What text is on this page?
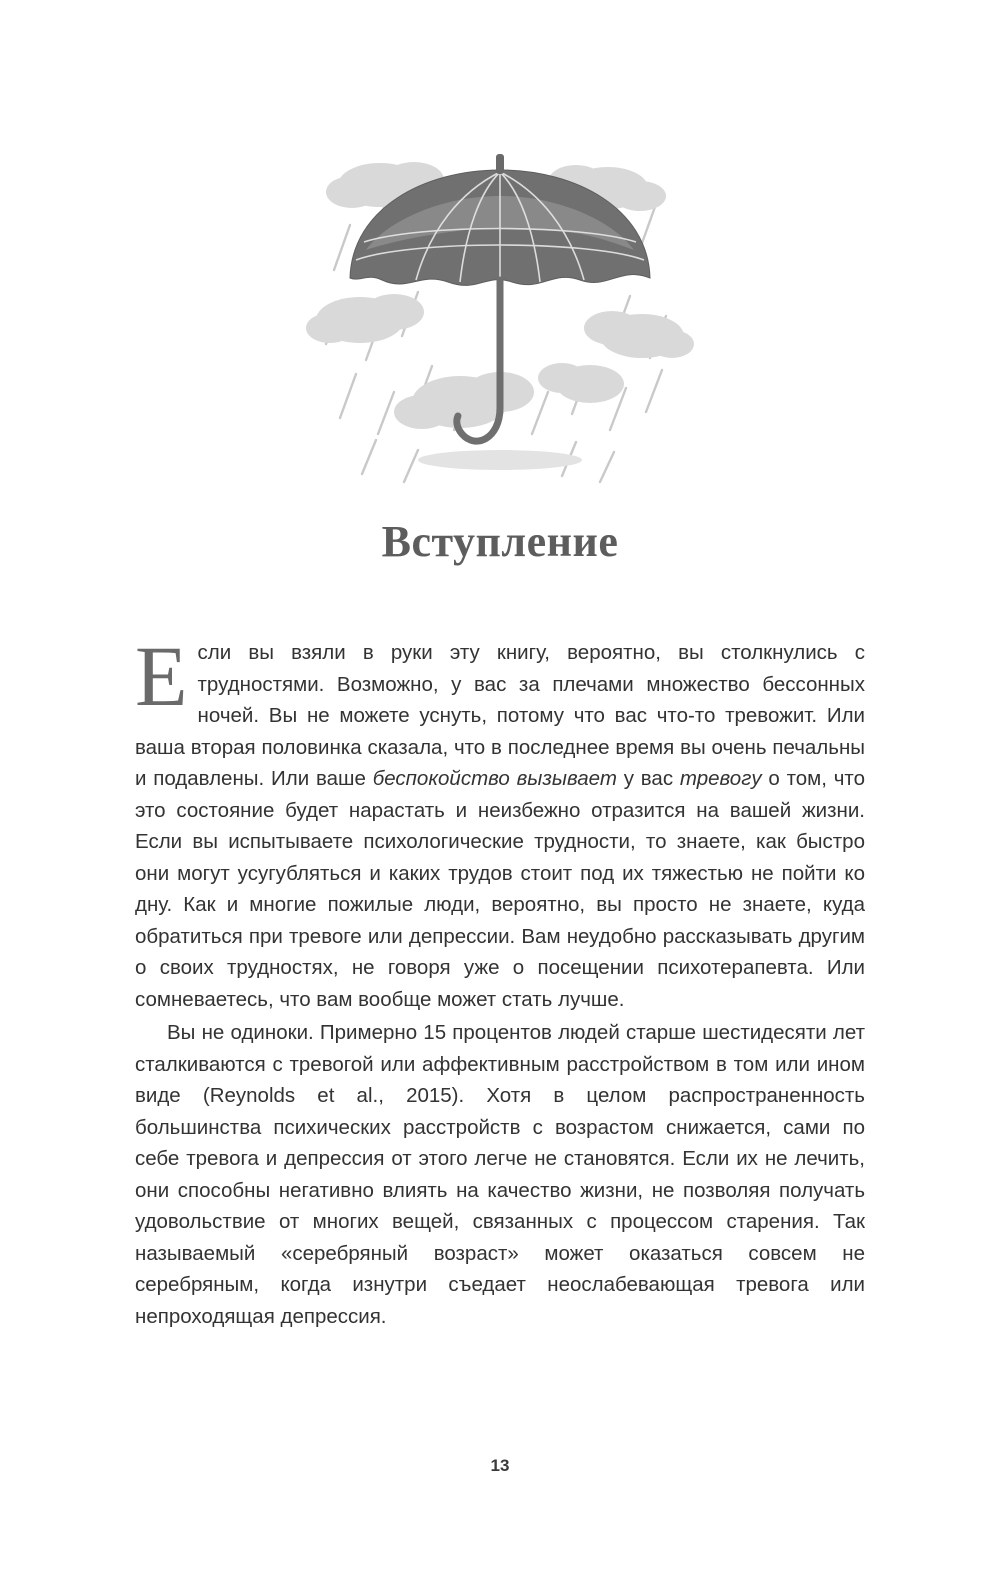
Вступление

Если вы взяли в руки эту книгу, вероятно, вы столкнулись с трудностями. Возможно, у вас за плечами множество бессонных ночей. Вы не можете уснуть, потому что вас что-то тревожит. Или ваша вторая половинка сказала, что в последнее время вы очень печальны и подавлены. Или ваше беспокойство вызывает у вас тревогу о том, что это состояние будет нарастать и неизбежно отразится на вашей жизни. Если вы испытываете психологические трудности, то знаете, как быстро они могут усугубляться и каких трудов стоит под их тяжестью не пойти ко дну. Как и многие пожилые люди, вероятно, вы просто не знаете, куда обратиться при тревоге или депрессии. Вам неудобно рассказывать другим о своих трудностях, не говоря уже о посещении психотерапевта. Или сомневаетесь, что вам вообще может стать лучше.

Вы не одиноки. Примерно 15 процентов людей старше шестидесяти лет сталкиваются с тревогой или аффективным расстройством в том или ином виде (Reynolds et al., 2015). Хотя в целом распространенность большинства психических расстройств с возрастом снижается, сами по себе тревога и депрессия от этого легче не становятся. Если их не лечить, они способны негативно влиять на качество жизни, не позволяя получать удовольствие от многих вещей, связанных с процессом старения. Так называемый «серебряный возраст» может оказаться совсем не серебряным, когда изнутри съедает неослабевающая тревога или непроходящая депрессия.

13
